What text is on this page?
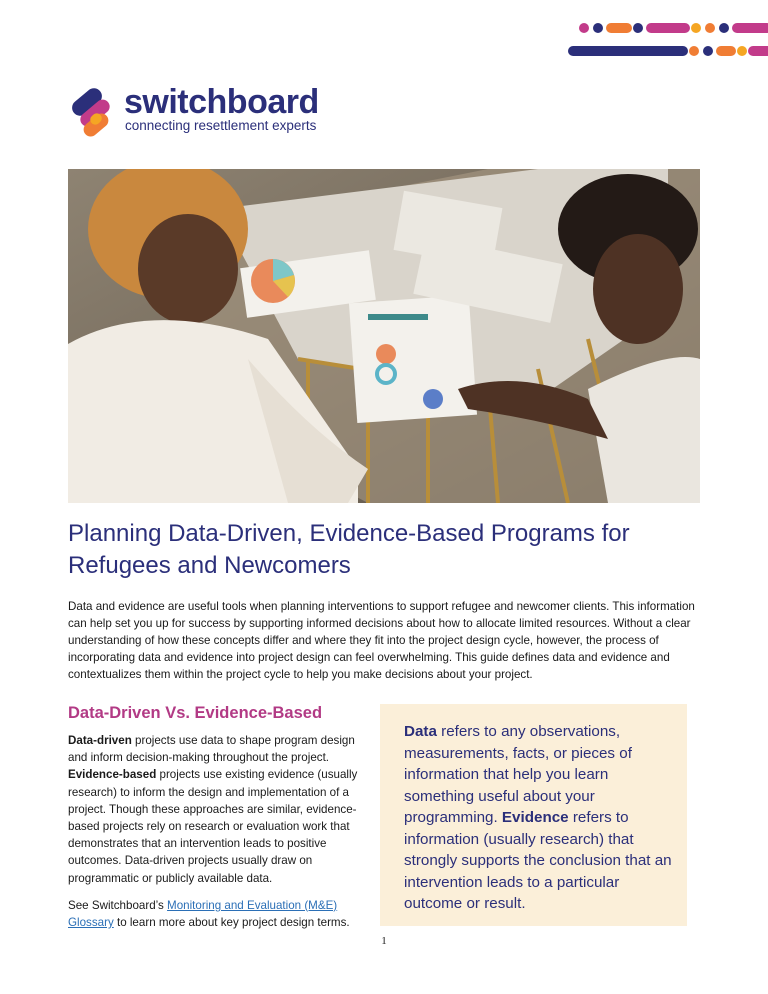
switchboard
connecting resettlement experts
Planning Data-Driven, Evidence-Based Programs for Refugees and Newcomers

Data and evidence are useful tools when planning interventions to support refugee and newcomer clients. This information can help set you up for success by supporting informed decisions about how to allocate limited resources. Without a clear understanding of how these concepts differ and where they fit into the project design cycle, however, the process of incorporating data and evidence into project design can feel overwhelming. This guide defines data and evidence and contextualizes them within the project cycle to help you make decisions about your project.

Data-Driven Vs. Evidence-Based

Data-driven projects use data to shape program design and inform decision-making throughout the project. Evidence-based projects use existing evidence (usually research) to inform the design and implementation of a project. Though these approaches are similar, evidence-based projects rely on research or evaluation work that demonstrates that an intervention leads to positive outcomes. Data-driven projects usually draw on programmatic or publicly available data.

See Switchboard’s Monitoring and Evaluation (M&E) Glossary to learn more about key project design terms.

Data refers to any observations, measurements, facts, or pieces of information that help you learn something useful about your programming. Evidence refers to information (usually research) that strongly supports the conclusion that an intervention leads to a particular outcome or result.

1
